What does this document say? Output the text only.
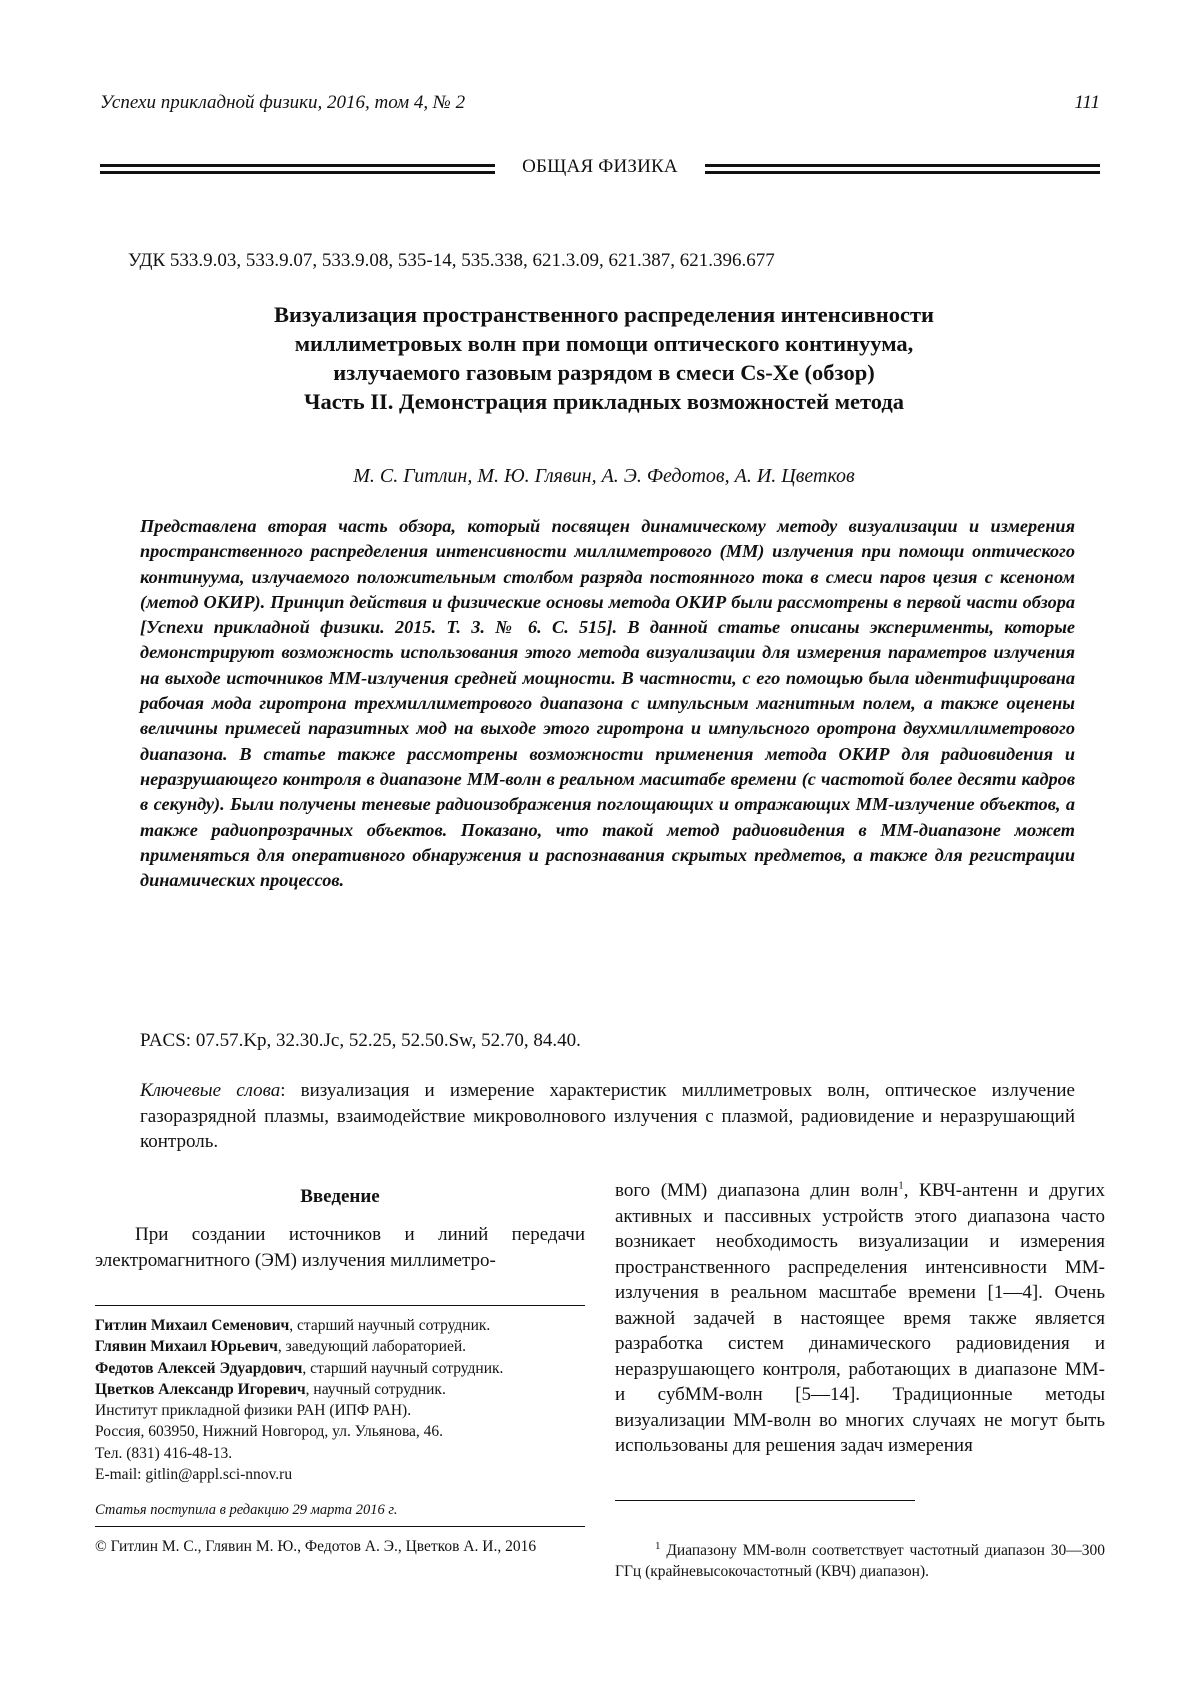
Успехи прикладной физики, 2016, том 4, № 2	111
ОБЩАЯ ФИЗИКА
УДК 533.9.03, 533.9.07, 533.9.08, 535-14, 535.338, 621.3.09, 621.387, 621.396.677
Визуализация пространственного распределения интенсивности
миллиметровых волн при помощи оптического континуума,
излучаемого газовым разрядом в смеси Cs-Xe (обзор)
Часть II. Демонстрация прикладных возможностей метода
М. С. Гитлин, М. Ю. Глявин, А. Э. Федотов, А. И. Цветков
Представлена вторая часть обзора, который посвящен динамическому методу визуализации и измерения пространственного распределения интенсивности миллиметрового (ММ) излучения при помощи оптического континуума, излучаемого положительным столбом разряда постоянного тока в смеси паров цезия с ксеноном (метод ОКИР). Принцип действия и физические основы метода ОКИР были рассмотрены в первой части обзора [Успехи прикладной физики. 2015. Т. 3. № 6. С. 515]. В данной статье описаны эксперименты, которые демонстрируют возможность использования этого метода визуализации для измерения параметров излучения на выходе источников ММ-излучения средней мощности. В частности, с его помощью была идентифицирована рабочая мода гиротрона трехмиллиметрового диапазона с импульсным магнитным полем, а также оценены величины примесей паразитных мод на выходе этого гиротрона и импульсного оротрона двухмиллиметрового диапазона. В статье также рассмотрены возможности применения метода ОКИР для радиовидения и неразрушающего контроля в диапазоне ММ-волн в реальном масштабе времени (с частотой более десяти кадров в секунду). Были получены теневые радиоизображения поглощающих и отражающих ММ-излучение объектов, а также радиопрозрачных объектов. Показано, что такой метод радиовидения в ММ-диапазоне может применяться для оперативного обнаружения и распознавания скрытых предметов, а также для регистрации динамических процессов.
PACS: 07.57.Kp, 32.30.Jc, 52.25, 52.50.Sw, 52.70, 84.40.
Ключевые слова: визуализация и измерение характеристик миллиметровых волн, оптическое излучение газоразрядной плазмы, взаимодействие микроволнового излучения с плазмой, радиовидение и неразрушающий контроль.
Введение

При создании источников и линий передачи электромагнитного (ЭМ) излучения миллиметро-

Гитлин Михаил Семенович, старший научный сотрудник.
Глявин Михаил Юрьевич, заведующий лабораторией.
Федотов Алексей Эдуардович, старший научный сотрудник.
Цветков Александр Игоревич, научный сотрудник.
Институт прикладной физики РАН (ИПФ РАН).
Россия, 603950, Нижний Новгород, ул. Ульянова, 46.
Тел. (831) 416-48-13.
E-mail: gitlin@appl.sci-nnov.ru
Статья поступила в редакцию 29 марта 2016 г.
© Гитлин М. С., Глявин М. Ю., Федотов А. Э., Цветков А. И., 2016
вого (ММ) диапазона длин волн$^1$, КВЧ-антенн и других активных и пассивных устройств этого диапазона часто возникает необходимость визуализации и измерения пространственного распределения интенсивности ММ-излучения в реальном масштабе времени [1—4]. Очень важной задачей в настоящее время также является разработка систем динамического радиовидения и неразрушающего контроля, работающих в диапазоне ММ- и субММ-волн [5—14]. Традиционные методы визуализации ММ-волн во многих случаях не могут быть использованы для решения задач измерения
$^1$ Диапазону ММ-волн соответствует частотный диапазон 30—300 ГГц (крайневысокочастотный (КВЧ) диапазон).
